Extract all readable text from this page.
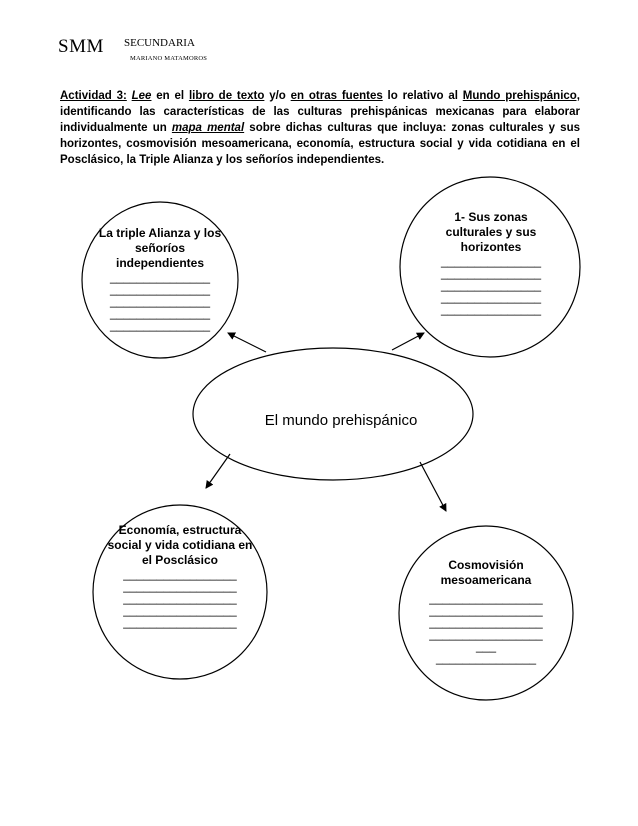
SMM SECUNDARIA
MARIANO MATAMOROS
Actividad 3: Lee en el libro de texto y/o en otras fuentes lo relativo al Mundo prehispánico, identificando las características de las culturas prehispánicas mexicanas para elaborar individualmente un mapa mental sobre dichas culturas que incluya: zonas culturales y sus horizontes, cosmovisión mesoamericana, economía, estructura social y vida cotidiana en el Posclásico, la Triple Alianza y los señoríos independientes.
El mundo prehispánico
La triple Alianza y los señoríos independientes
_______________
_______________
_______________
_______________
_______________
1- Sus zonas culturales y sus horizontes
_______________
_______________
_______________
_______________
_______________
Economía, estructura social y vida cotidiana en el Posclásico
_________________
_________________
_________________
_________________
_________________
Cosmovisión mesoamericana
_________________
_________________
_________________
_________________
___
_______________
